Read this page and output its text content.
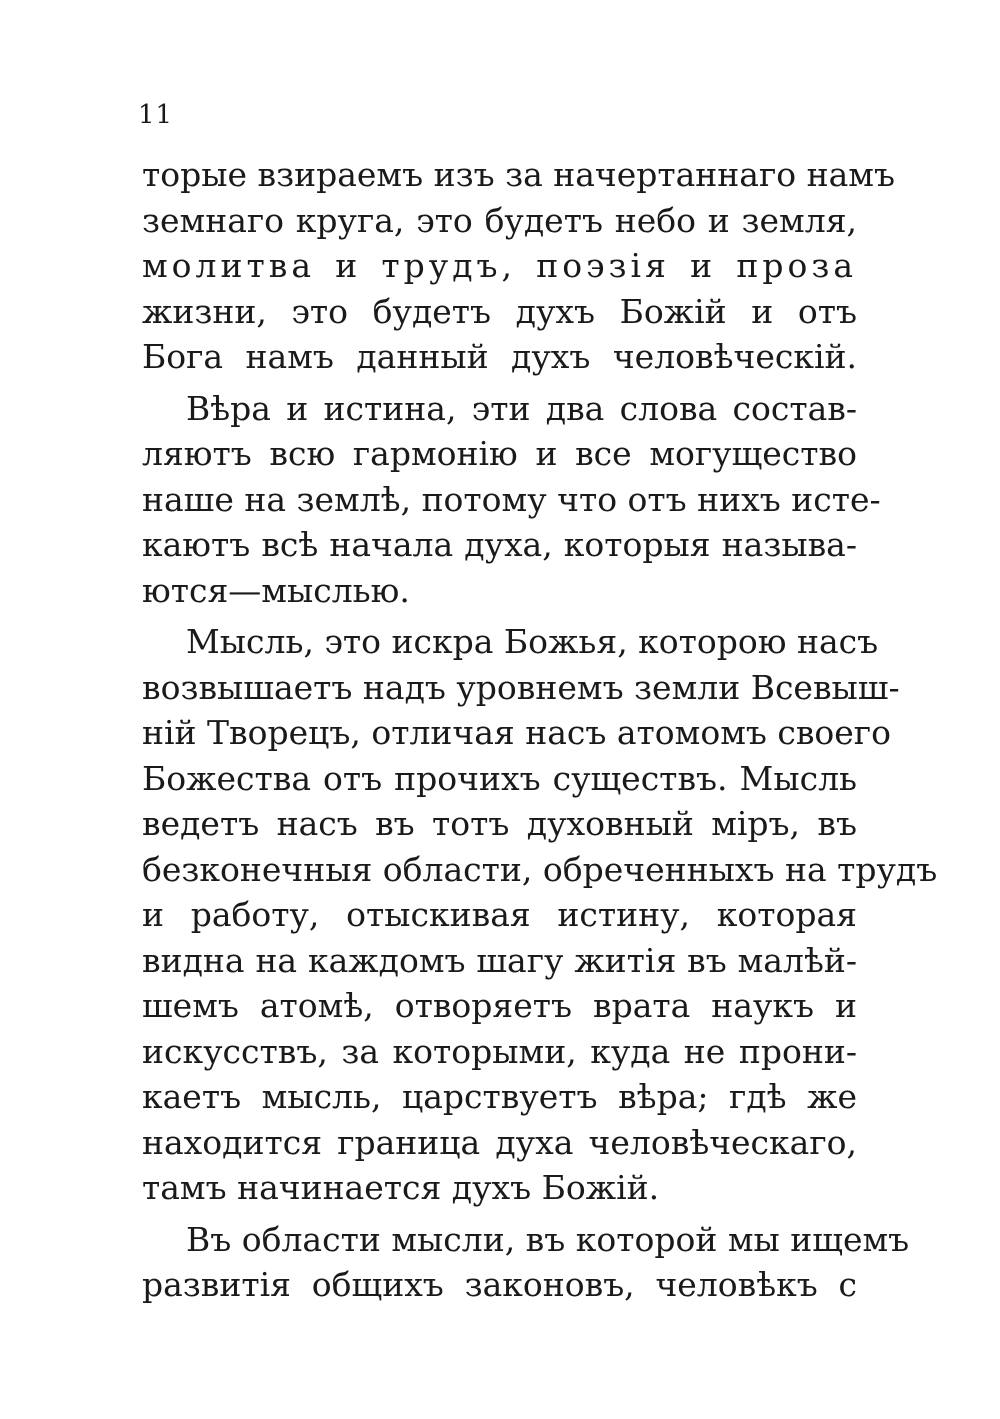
11
торые взираемъ изъ за начертаннаго намъ
земнаго круга, это будетъ небо и земля,
молитва и трудъ, поэзія и проза
жизни, это будетъ духъ Божій и отъ
Бога намъ данный духъ человѣческій.
Вѣра и истина, эти два слова состав-
ляютъ всю гармонію и все могущество
наше на землѣ, потому что отъ нихъ исте-
каютъ всѣ начала духа, которыя называ-
ются—мыслью.
Мысль, это искра Божья, которою насъ
возвышаетъ надъ уровнемъ земли Всевыш-
ній Творецъ, отличая насъ атомомъ своего
Божества отъ прочихъ существъ. Мысль
ведетъ насъ въ тотъ духовный міръ, въ
безконечныя области, обреченныхъ на трудъ
и работу, отыскивая истину, которая
видна на каждомъ шагу житія въ малѣй-
шемъ атомѣ, отворяетъ врата наукъ и
искусствъ, за которыми, куда не прони-
каетъ мысль, царствуетъ вѣра; гдѣ же
находится граница духа человѣческаго,
тамъ начинается духъ Божій.
Въ области мысли, въ которой мы ищемъ
развитія общихъ законовъ, человѣкъ с
